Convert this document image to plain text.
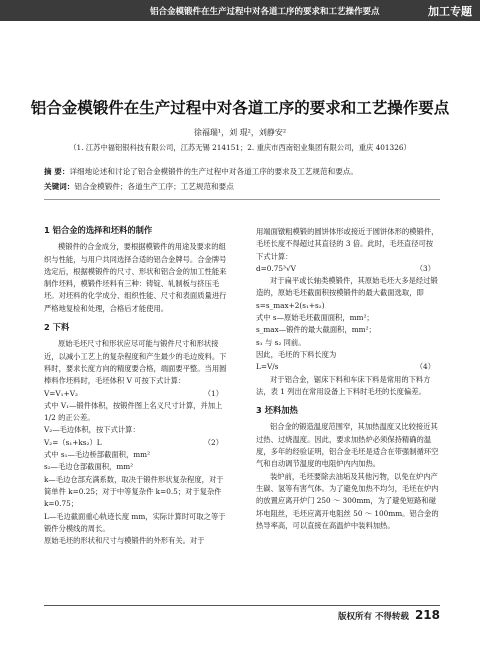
铝合金模锻件在生产过程中对各道工序的要求和工艺操作要点	加工专题
铝合金模锻件在生产过程中对各道工序的要求和工艺操作要点
徐福瑞¹，刘 琨²，刘静安²
（1. 江苏中福铝银科技有限公司，江苏无锡 214151；2. 重庆市西南铝业集团有限公司，重庆 401326）
摘 要：详细地论述和讨论了铝合金模锻件的生产过程中对各道工序的要求及工艺规范和要点。
关键词：铝合金模锻件；各道生产工序；工艺规范和要点
1 铝合金的选择和坯料的制作

模锻件的合金成分，要根据模锻件的用途及要求的组织与性能，与用户共同选择合适的铝合金牌号。合金牌号选定后，根据模锻件的尺寸、形状和铝合金的加工性能来制作坯料，模锻件坯料有三种：铸锭、轧制板与挤压毛坯。对坯料的化学成分、组织性能、尺寸和表面质量进行严格地复检和处理，合格后才能使用。

2 下料

原始毛坯尺寸和形状应尽可能与锻件尺寸和形状接近，以减小工艺上的复杂程度和产生最少的毛边废料。下料时，要求长度方向的精度要合格，端面要平整。当用圆棒料作坯料时，毛坯体积 V 可按下式计算：

V=V₁+V₂	（1）

式中 V₁—锻件体积，按锻件图上名义尺寸计算，并加上 1/2 的正公差。
V₂—毛边体积，按下式计算：

V₂=（s₁+ks₂）L	（2）

式中 s₁—毛边桥部截面积，mm²
s₂—毛边仓部截面积，mm²
k—毛边仓部充满系数，取决于锻件形状复杂程度，对于简单件 k=0.25；对于中等复杂件 k=0.5；对于复杂件 k=0.75；
L—毛边截面重心轨迹长度 mm，实际计算时可取之等于锻件分模线的周长。
原始毛坯的形状和尺寸与模锻件的外形有关。对于

用端面镦粗模锻的圆饼体形或接近于圆饼体形的模锻件，毛坯长度不得超过其直径的 3 倍。此时，毛坯直径可按下式计算：

d=0.75³√V	（3）

对于扁平或长轴类模锻件，其原始毛坯大多是经过锻造的，原始毛坯截面积按模锻件的最大截面选取，即

s=s_max+2(s₁+s₂)

式中 s—原始毛坯截面面积，mm²；
s_max—锻件的最大截面积，mm²；
s₁ 与 s₂ 同前。
因此，毛坯的下料长度为

L=V/s	（4）

对于铝合金，锯床下料和车床下料是常用的下料方法，表 1 列出在常用设备上下料时毛坯的长度偏差。

3 坯料加热

铝合金的锻造温度范围窄，其加热温度又比较接近其过热、过烧温度。因此，要求加热炉必须保持精确的温度，多年的经验证明，铝合金毛坯是适合在带强制循环空气和自动调节温度的电阻炉内内加热。

装炉前，毛坯要除去油垢及其他污物，以免在炉内产生碳、氢等有害气体。为了避免加热不均匀，毛坯在炉内的放置应离开炉门 250 ～ 300mm，为了避免短路和碰坏电阻丝，毛坯应离开电阻丝 50 ～ 100mm。铝合金的热导率高，可以直接在高温炉中装料加热。

版权所有 不得转载 218
